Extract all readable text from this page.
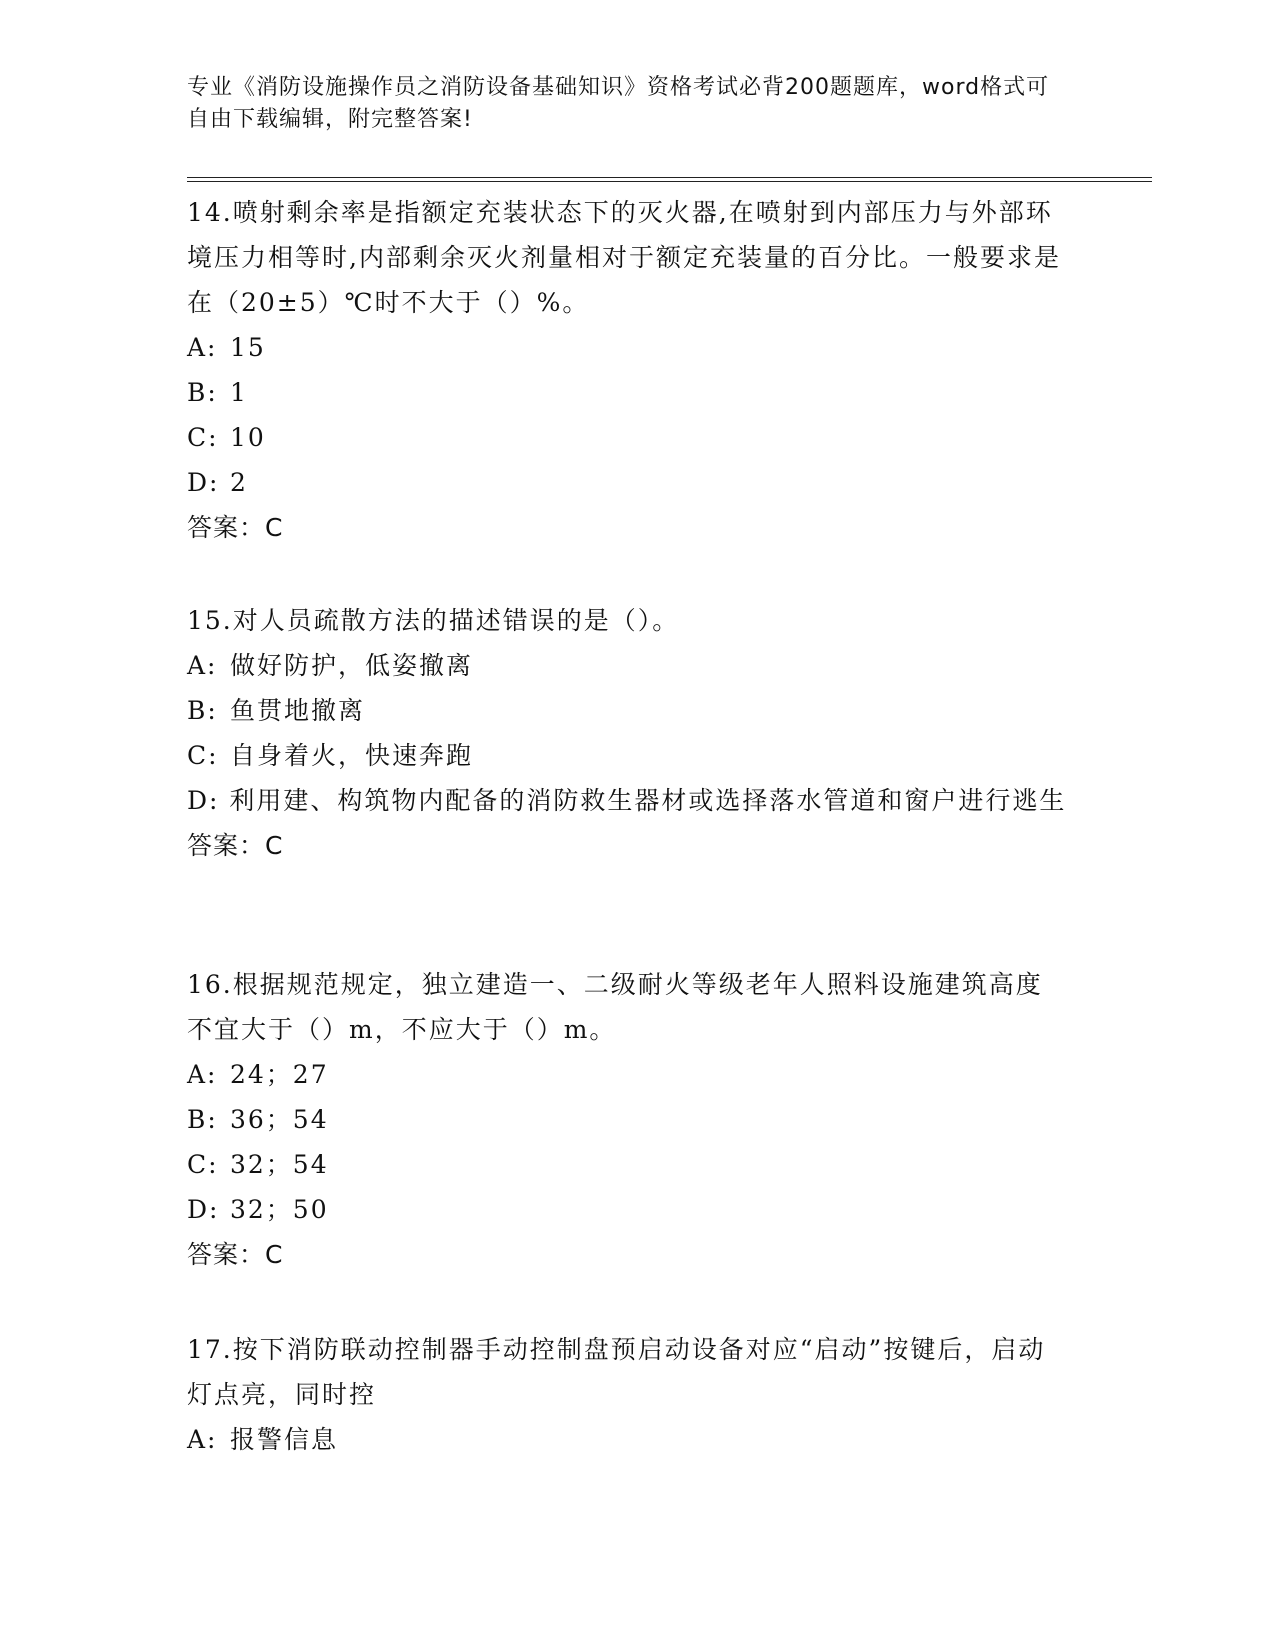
专业《消防设施操作员之消防设备基础知识》资格考试必背200题题库，word格式可自由下载编辑，附完整答案!

14.喷射剩余率是指额定充装状态下的灭火器,在喷射到内部压力与外部环境压力相等时,内部剩余灭火剂量相对于额定充装量的百分比。一般要求是在（20±5）℃时不大于（）%。

A: 15

B: 1

C: 10

D: 2

答案：C

15.对人员疏散方法的描述错误的是（）。

A: 做好防护，低姿撤离

B: 鱼贯地撤离

C: 自身着火，快速奔跑

D: 利用建、构筑物内配备的消防救生器材或选择落水管道和窗户进行逃生

答案：C

16.根据规范规定，独立建造一、二级耐火等级老年人照料设施建筑高度不宜大于（）m，不应大于（）m。

A: 24；27

B: 36；54

C: 32；54

D: 32；50

答案：C

17.按下消防联动控制器手动控制盘预启动设备对应“启动”按键后，启动灯点亮，同时控

A: 报警信息
